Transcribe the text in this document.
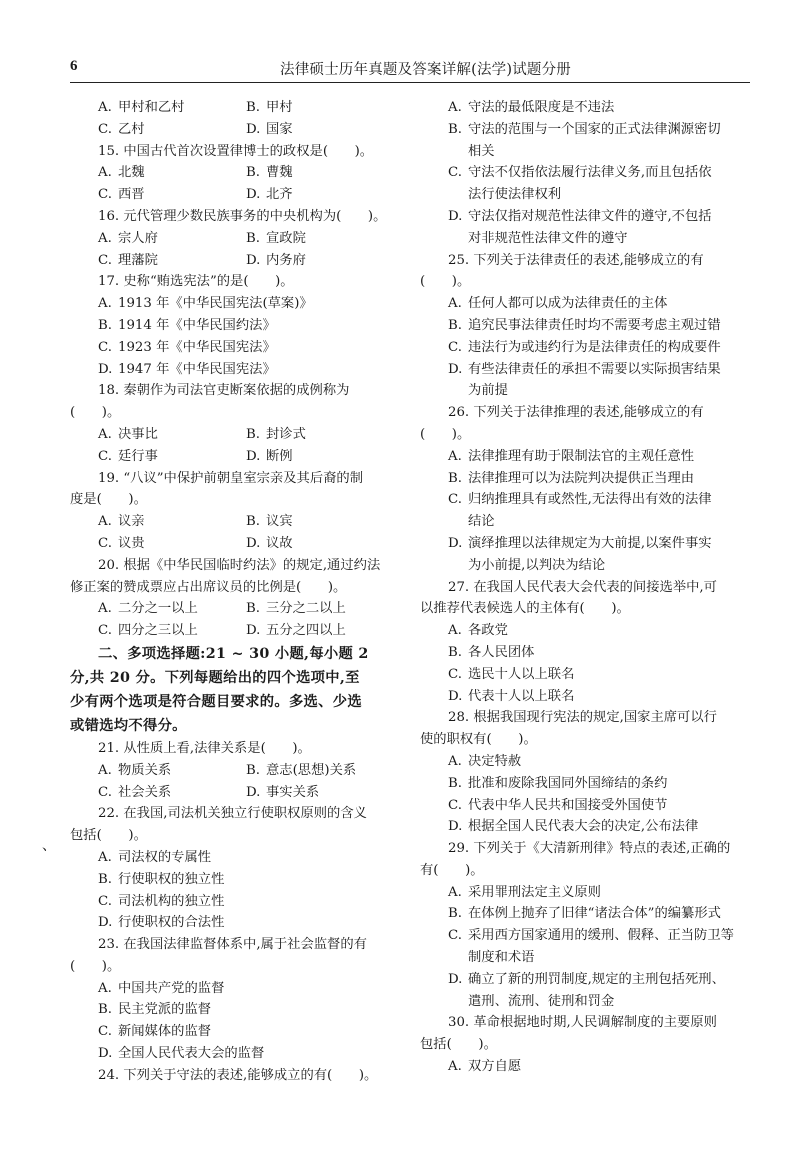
6	法律硕士历年真题及答案详解(法学)试题分册
A. 甲村和乙村	B. 甲村
C. 乙村	D. 国家
15. 中国古代首次设置律博士的政权是(　　)。
A. 北魏	B. 曹魏
C. 西晋	D. 北齐
16. 元代管理少数民族事务的中央机构为(　　)。
A. 宗人府	B. 宣政院
C. 理藩院	D. 内务府
17. 史称“贿选宪法”的是(　　)。
A. 1913 年《中华民国宪法(草案)》
B. 1914 年《中华民国约法》
C. 1923 年《中华民国宪法》
D. 1947 年《中华民国宪法》
18. 秦朝作为司法官吏断案依据的成例称为
(　　)。
A. 决事比	B. 封诊式
C. 廷行事	D. 断例
19. “八议”中保护前朝皇室宗亲及其后裔的制
度是(　　)。
A. 议亲	B. 议宾
C. 议贵	D. 议故
20. 根据《中华民国临时约法》的规定,通过约法
修正案的赞成票应占出席议员的比例是(　　)。
A. 二分之一以上	B. 三分之二以上
C. 四分之三以上	D. 五分之四以上
二、多项选择题:21 ~ 30 小题,每小题 2
分,共 20 分。下列每题给出的四个选项中,至
少有两个选项是符合题目要求的。多选、少选
或错选均不得分。
21. 从性质上看,法律关系是(　　)。
A. 物质关系	B. 意志(思想)关系
C. 社会关系	D. 事实关系
22. 在我国,司法机关独立行使职权原则的含义
包括(　　)。
A. 司法权的专属性
B. 行使职权的独立性
C. 司法机构的独立性
D. 行使职权的合法性
23. 在我国法律监督体系中,属于社会监督的有
(　　)。
A. 中国共产党的监督
B. 民主党派的监督
C. 新闻媒体的监督
D. 全国人民代表大会的监督
24. 下列关于守法的表述,能够成立的有(　　)。
A. 守法的最低限度是不违法
B. 守法的范围与一个国家的正式法律渊源密切
相关
C. 守法不仅指依法履行法律义务,而且包括依
法行使法律权利
D. 守法仅指对规范性法律文件的遵守,不包括
对非规范性法律文件的遵守
25. 下列关于法律责任的表述,能够成立的有
(　　)。
A. 任何人都可以成为法律责任的主体
B. 追究民事法律责任时均不需要考虑主观过错
C. 违法行为或违约行为是法律责任的构成要件
D. 有些法律责任的承担不需要以实际损害结果
为前提
26. 下列关于法律推理的表述,能够成立的有
(　　)。
A. 法律推理有助于限制法官的主观任意性
B. 法律推理可以为法院判决提供正当理由
C. 归纳推理具有或然性,无法得出有效的法律
结论
D. 演绎推理以法律规定为大前提,以案件事实
为小前提,以判决为结论
27. 在我国人民代表大会代表的间接选举中,可
以推荐代表候选人的主体有(　　)。
A. 各政党
B. 各人民团体
C. 选民十人以上联名
D. 代表十人以上联名
28. 根据我国现行宪法的规定,国家主席可以行
使的职权有(　　)。
A. 决定特赦
B. 批准和废除我国同外国缔结的条约
C. 代表中华人民共和国接受外国使节
D. 根据全国人民代表大会的决定,公布法律
29. 下列关于《大清新刑律》特点的表述,正确的
有(　　)。
A. 采用罪刑法定主义原则
B. 在体例上抛弃了旧律“诸法合体”的编纂形式
C. 采用西方国家通用的缓刑、假释、正当防卫等
制度和术语
D. 确立了新的刑罚制度,规定的主刑包括死刑、
遣刑、流刑、徒刑和罚金
30. 革命根据地时期,人民调解制度的主要原则
包括(　　)。
A. 双方自愿
、
